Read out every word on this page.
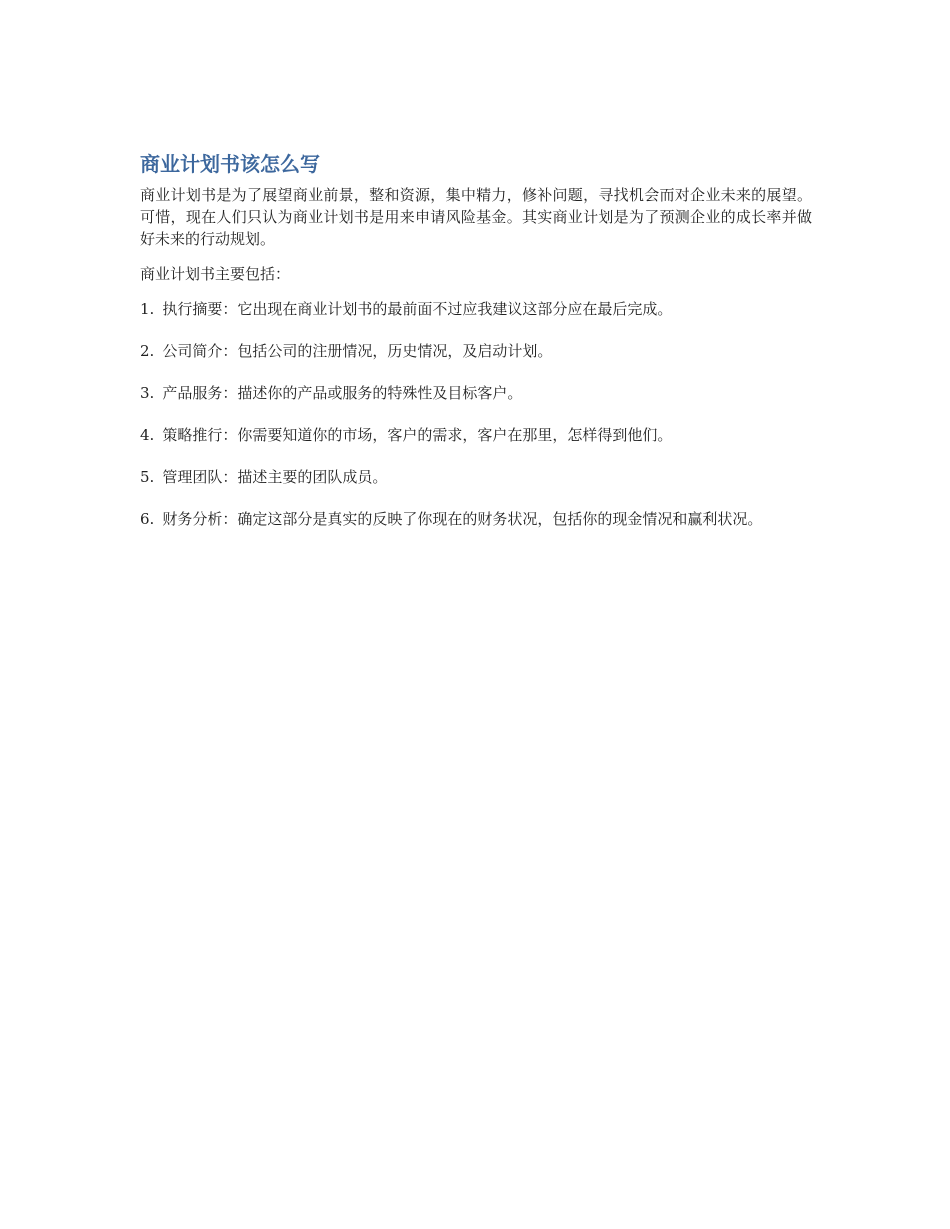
商业计划书该怎么写

商业计划书是为了展望商业前景，整和资源，集中精力，修补问题，寻找机会而对企业未来的展望。可惜，现在人们只认为商业计划书是用来申请风险基金。其实商业计划是为了预测企业的成长率并做好未来的行动规划。

商业计划书主要包括：

1. 执行摘要：它出现在商业计划书的最前面不过应我建议这部分应在最后完成。
2. 公司简介：包括公司的注册情况，历史情况，及启动计划。
3. 产品服务：描述你的产品或服务的特殊性及目标客户。
4. 策略推行：你需要知道你的市场，客户的需求，客户在那里，怎样得到他们。
5. 管理团队：描述主要的团队成员。
6. 财务分析：确定这部分是真实的反映了你现在的财务状况，包括你的现金情况和赢利状况。
